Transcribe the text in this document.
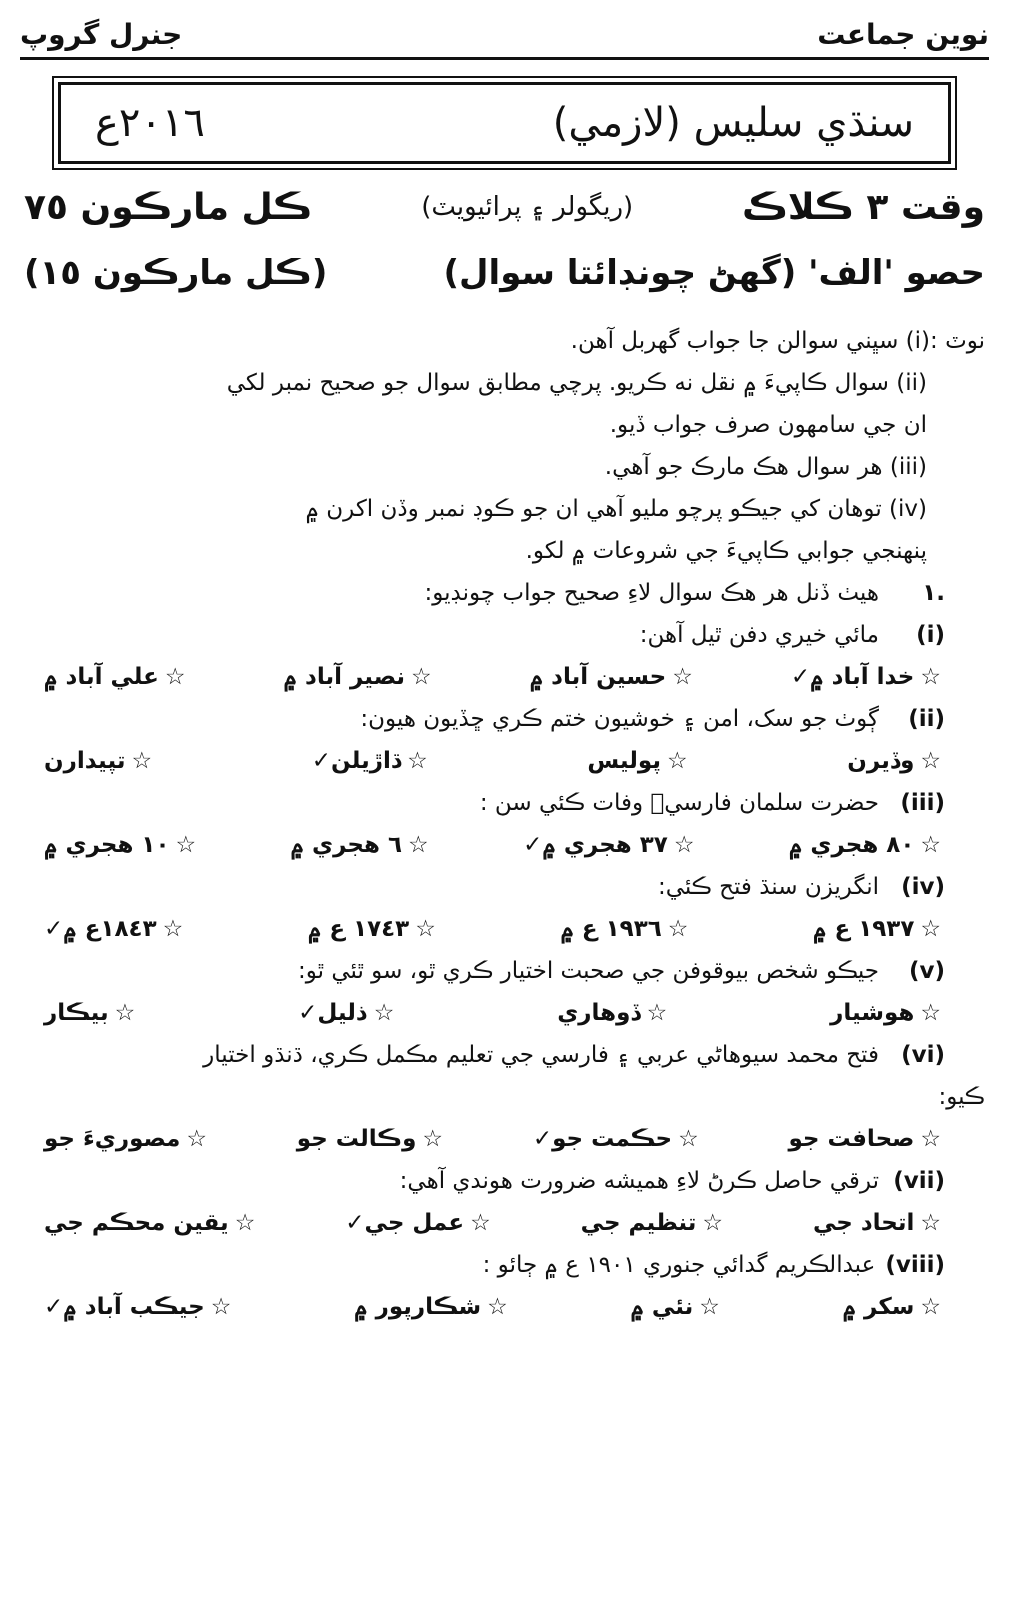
جنرل گروپ	نوين جماعت
٢٠١٦ع	سنڌي سليس (لازمي)
وقت ٣ ڪلاڪ
(ريگولر ۽ پرائيويٽ)
ڪل مارڪون ٧٥
حصو 'الف' (گھڻ چونڊائتا سوال)
(ڪل مارڪون ١٥)
نوٽ :(i) سڀني سوالن جا جواب گھربل آھن.
(ii) سوال ڪاپيءَ ۾ نقل نه ڪريو. پرچي مطابق سوال جو صحيح نمبر لکي
ان جي سامهون صرف جواب ڏيو.
(iii) هر سوال هڪ مارڪ جو آهي.
(iv) توهان کي جيڪو پرچو مليو آهي ان جو ڪوڊ نمبر وڏن اکرن ۾
پنهنجي جوابي ڪاپيءَ جي شروعات ۾ لکو.
١.
هيٺ ڏنل هر هڪ سوال لاءِ صحيح جواب چونڊيو:
(i)
مائي خيري دفن ٿيل آهن:
☆خدا آباد ۾✓
☆حسين آباد ۾
☆نصير آباد ۾
☆علي آباد ۾
(ii)
ڳوٺ جو سک، امن ۽ خوشيون ختم ڪري ڇڏيون هيون:
☆وڏيرن
☆پوليس
☆ڌاڙيلن✓
☆تپيدارن
(iii)
حضرت سلمان فارسيؓ وفات ڪئي سن :
☆٨٠ هجري ۾
☆٣٧ هجري ۾✓
☆٦ هجري ۾
☆١٠ هجري ۾
(iv)
انگريزن سنڌ فتح ڪئي:
☆١٩٣٧ ع ۾
☆١٩٣٦ ع ۾
☆١٧٤٣ ع ۾
☆١٨٤٣ع ۾✓
(v)
جيڪو شخص بيوقوفن جي صحبت اختيار ڪري ٿو، سو ٿئي ٿو:
☆هوشيار
☆ڏوهاري
☆ذليل✓
☆بيڪار
(vi)
فتح محمد سيوهاڻي عربي ۽ فارسي جي تعليم مڪمل ڪري، ڌنڌو اختيار
ڪيو:
☆صحافت جو
☆حڪمت جو✓
☆وڪالت جو
☆مصوريءَ جو
(vii)
ترقي حاصل ڪرڻ لاءِ هميشه ضرورت هوندي آهي:
☆اتحاد جي
☆تنظيم جي
☆عمل جي✓
☆يقين محڪم جي
(viii)
عبدالڪريم گدائي جنوري ١٩٠١ ع ۾ ڄائو :
☆سکر ۾
☆نئي ۾
☆شڪارپور ۾
☆جيڪب آباد ۾✓
